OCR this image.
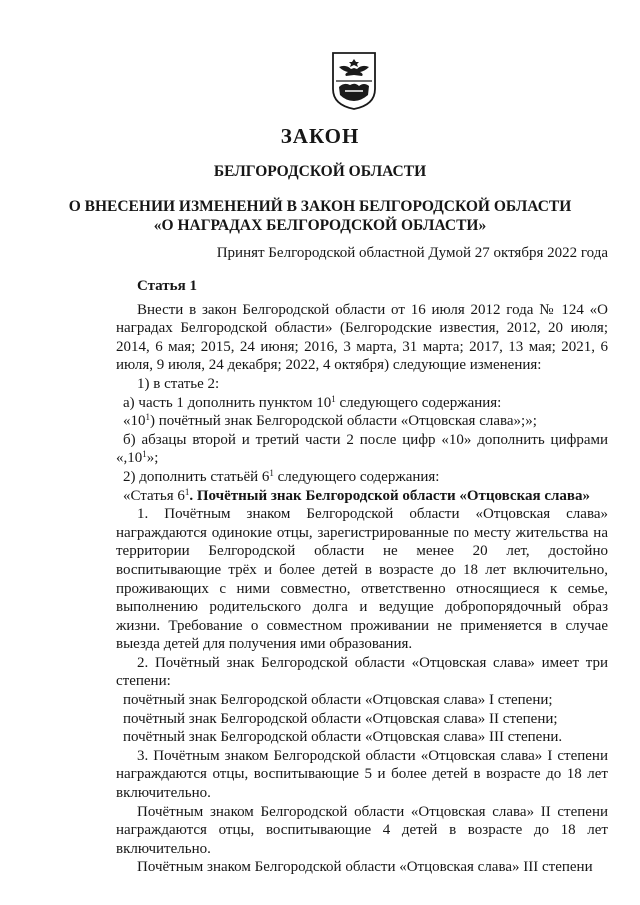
ЗАКОН
БЕЛГОРОДСКОЙ ОБЛАСТИ
О ВНЕСЕНИИ ИЗМЕНЕНИЙ В ЗАКОН БЕЛГОРОДСКОЙ ОБЛАСТИ
«О НАГРАДАХ БЕЛГОРОДСКОЙ ОБЛАСТИ»
Принят Белгородской областной Думой 27 октября 2022 года

Статья 1

Внести в закон Белгородской области от 16 июля 2012 года № 124 «О наградах Белгородской области» (Белгородские известия, 2012, 20 июля; 2014, 6 мая; 2015, 24 июня; 2016, 3 марта, 31 марта; 2017, 13 мая; 2021, 6 июля, 9 июля, 24 декабря; 2022, 4 октября) следующие изменения:

1) в статье 2:

а) часть 1 дополнить пунктом $10^1$ следующего содержания:

«$10^1$) почётный знак Белгородской области «Отцовская слава»;»;

б) абзацы второй и третий части 2 после цифр «10» дополнить цифрами «$,10^1$»;

2) дополнить статьёй $6^1$ следующего содержания:

«Статья $6^1$. Почётный знак Белгородской области «Отцовская слава»

1. Почётным знаком Белгородской области «Отцовская слава» награждаются одинокие отцы, зарегистрированные по месту жительства на территории Белгородской области не менее 20 лет, достойно воспитывающие трёх и более детей в возрасте до 18 лет включительно, проживающих с ними совместно, ответственно относящиеся к семье, выполнению родительского долга и ведущие добропорядочный образ жизни. Требование о совместном проживании не применяется в случае выезда детей для получения ими образования.

2. Почётный знак Белгородской области «Отцовская слава» имеет три степени:

почётный знак Белгородской области «Отцовская слава» I степени;

почётный знак Белгородской области «Отцовская слава» II степени;

почётный знак Белгородской области «Отцовская слава» III степени.

3. Почётным знаком Белгородской области «Отцовская слава» I степени награждаются отцы, воспитывающие 5 и более детей в возрасте до 18 лет включительно.

Почётным знаком Белгородской области «Отцовская слава» II степени награждаются отцы, воспитывающие 4 детей в возрасте до 18 лет включительно.

Почётным знаком Белгородской области «Отцовская слава» III степени
